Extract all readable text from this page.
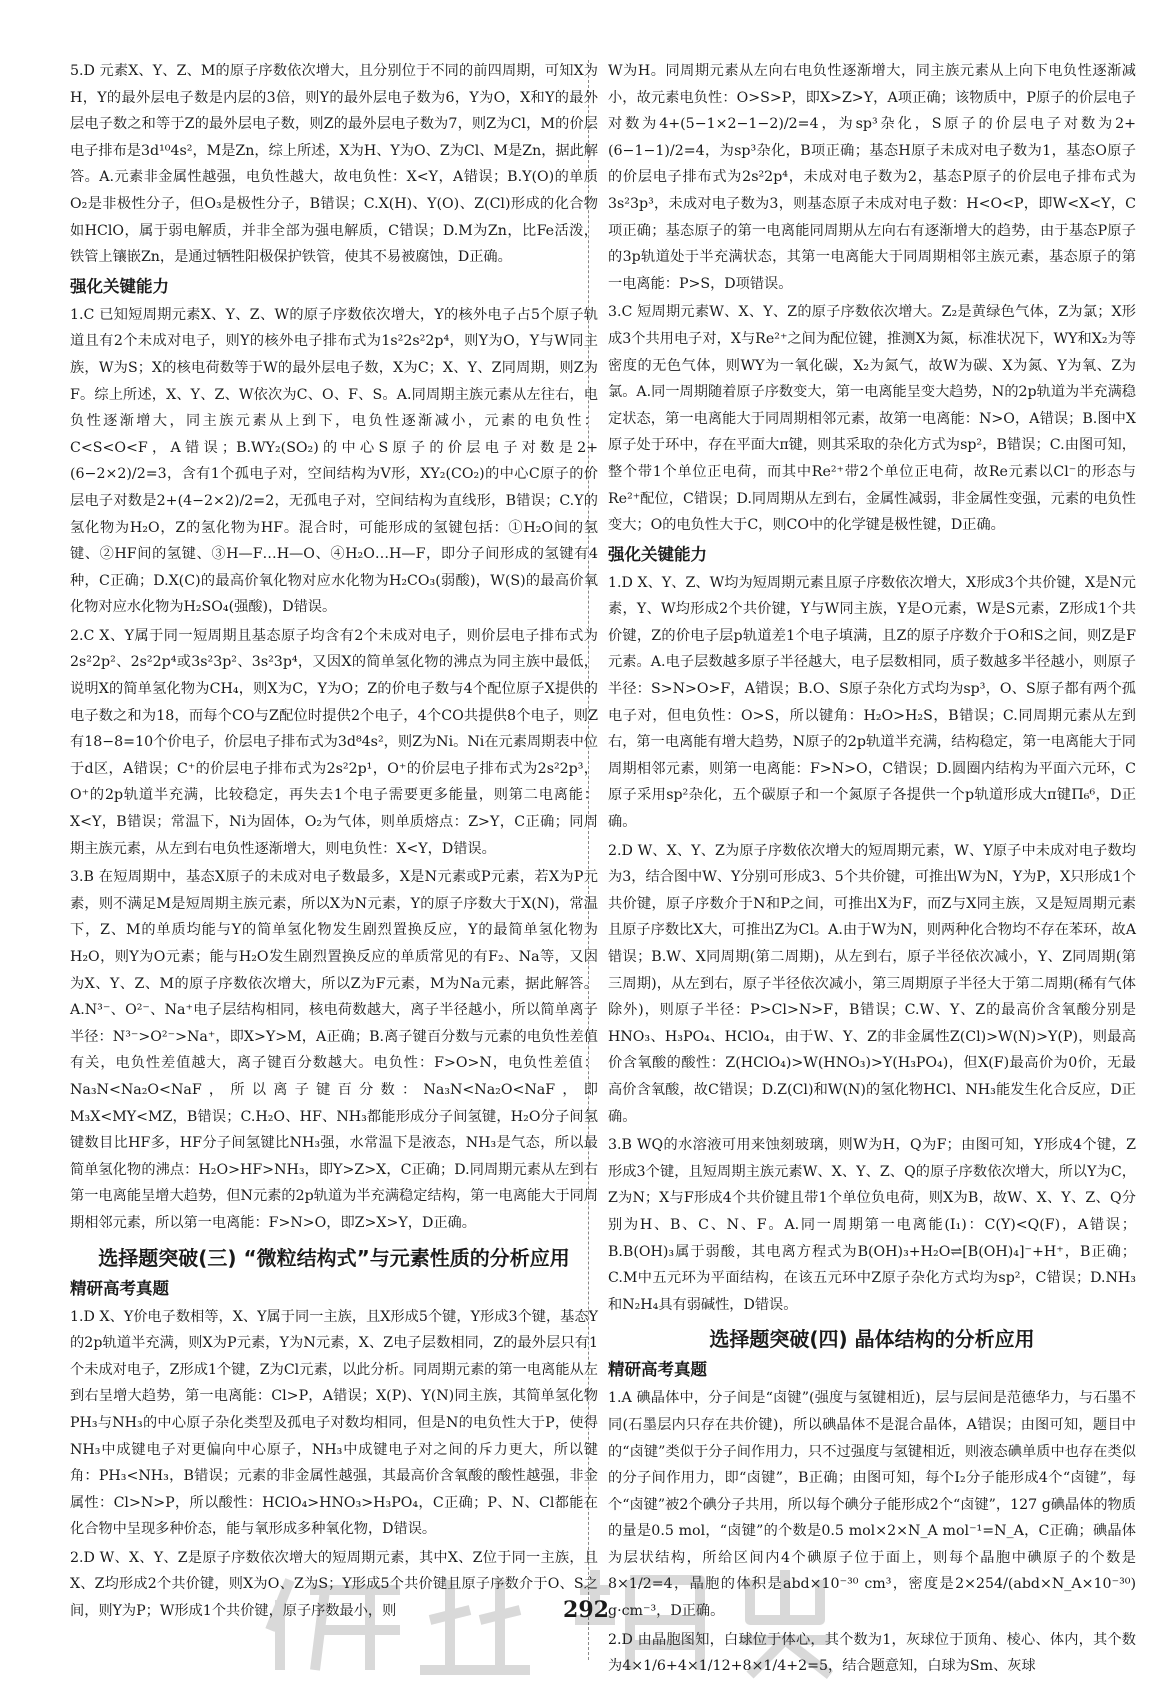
5.D 元素X、Y、Z、M的原子序数依次增大，且分别位于不同的前四周期，可知X为H，Y的最外层电子数是内层的3倍，则Y的最外层电子数为6，Y为O，X和Y的最外层电子数之和等于Z的最外层电子数，则Z的最外层电子数为7，则Z为Cl，M的价层电子排布是3d¹⁰4s²，M是Zn，综上所述，X为H、Y为O、Z为Cl、M是Zn，据此解答。A.元素非金属性越强，电负性越大，故电负性：X<Y，A错误；B.Y(O)的单质O₂是非极性分子，但O₃是极性分子，B错误；C.X(H)、Y(O)、Z(Cl)形成的化合物如HClO，属于弱电解质，并非全部为强电解质，C错误；D.M为Zn，比Fe活泼，铁管上镶嵌Zn，是通过牺牲阳极保护铁管，使其不易被腐蚀，D正确。

强化关键能力

1.C 已知短周期元素X、Y、Z、W的原子序数依次增大，Y的核外电子占5个原子轨道且有2个未成对电子，则Y的核外电子排布式为1s²2s²2p⁴，则Y为O，Y与W同主族，W为S；X的核电荷数等于W的最外层电子数，X为C；X、Y、Z同周期，则Z为F。综上所述，X、Y、Z、W依次为C、O、F、S。A.同周期主族元素从左往右，电负性逐渐增大，同主族元素从上到下，电负性逐渐减小，元素的电负性：C<S<O<F，A错误；B.WY₂(SO₂)的中心S原子的价层电子对数是2+(6−2×2)/2=3，含有1个孤电子对，空间结构为V形，XY₂(CO₂)的中心C原子的价层电子对数是2+(4−2×2)/2=2，无孤电子对，空间结构为直线形，B错误；C.Y的氢化物为H₂O，Z的氢化物为HF。混合时，可能形成的氢键包括：①H₂O间的氢键、②HF间的氢键、③H—F…H—O、④H₂O…H—F，即分子间形成的氢键有4种，C正确；D.X(C)的最高价氧化物对应水化物为H₂CO₃(弱酸)，W(S)的最高价氧化物对应水化物为H₂SO₄(强酸)，D错误。

2.C X、Y属于同一短周期且基态原子均含有2个未成对电子，则价层电子排布式为2s²2p²、2s²2p⁴或3s²3p²、3s²3p⁴，又因X的简单氢化物的沸点为同主族中最低，说明X的简单氢化物为CH₄，则X为C，Y为O；Z的价电子数与4个配位原子X提供的电子数之和为18，而每个CO与Z配位时提供2个电子，4个CO共提供8个电子，则Z有18−8=10个价电子，价层电子排布式为3d⁸4s²，则Z为Ni。Ni在元素周期表中位于d区，A错误；C⁺的价层电子排布式为2s²2p¹，O⁺的价层电子排布式为2s²2p³，O⁺的2p轨道半充满，比较稳定，再失去1个电子需要更多能量，则第二电离能：X<Y，B错误；常温下，Ni为固体，O₂为气体，则单质熔点：Z>Y，C正确；同周期主族元素，从左到右电负性逐渐增大，则电负性：X<Y，D错误。

3.B 在短周期中，基态X原子的未成对电子数最多，X是N元素或P元素，若X为P元素，则不满足M是短周期主族元素，所以X为N元素，Y的原子序数大于X(N)，常温下，Z、M的单质均能与Y的简单氢化物发生剧烈置换反应，Y的最简单氢化物为H₂O，则Y为O元素；能与H₂O发生剧烈置换反应的单质常见的有F₂、Na等，又因为X、Y、Z、M的原子序数依次增大，所以Z为F元素，M为Na元素，据此解答。A.N³⁻、O²⁻、Na⁺电子层结构相同，核电荷数越大，离子半径越小，所以简单离子半径：N³⁻>O²⁻>Na⁺，即X>Y>M，A正确；B.离子键百分数与元素的电负性差值有关，电负性差值越大，离子键百分数越大。电负性：F>O>N，电负性差值：Na₃N<Na₂O<NaF，所以离子键百分数：Na₃N<Na₂O<NaF，即M₃X<MY<MZ，B错误；C.H₂O、HF、NH₃都能形成分子间氢键，H₂O分子间氢键数目比HF多，HF分子间氢键比NH₃强，水常温下是液态，NH₃是气态，所以最简单氢化物的沸点：H₂O>HF>NH₃，即Y>Z>X，C正确；D.同周期元素从左到右第一电离能呈增大趋势，但N元素的2p轨道为半充满稳定结构，第一电离能大于同周期相邻元素，所以第一电离能：F>N>O，即Z>X>Y，D正确。

选择题突破(三) “微粒结构式”与元素性质的分析应用
精研高考真题

1.D X、Y价电子数相等，X、Y属于同一主族，且X形成5个键，Y形成3个键，基态Y的2p轨道半充满，则X为P元素，Y为N元素，X、Z电子层数相同，Z的最外层只有1个未成对电子，Z形成1个键，Z为Cl元素，以此分析。同周期元素的第一电离能从左到右呈增大趋势，第一电离能：Cl>P，A错误；X(P)、Y(N)同主族，其简单氢化物PH₃与NH₃的中心原子杂化类型及孤电子对数均相同，但是N的电负性大于P，使得NH₃中成键电子对更偏向中心原子，NH₃中成键电子对之间的斥力更大，所以键角：PH₃<NH₃，B错误；元素的非金属性越强，其最高价含氧酸的酸性越强，非金属性：Cl>N>P，所以酸性：HClO₄>HNO₃>H₃PO₄，C正确；P、N、Cl都能在化合物中呈现多种价态，能与氧形成多种氧化物，D错误。

2.D W、X、Y、Z是原子序数依次增大的短周期元素，其中X、Z位于同一主族，且X、Z均形成2个共价键，则X为O、Z为S；Y形成5个共价键且原子序数介于O、S之间，则Y为P；W形成1个共价键，原子序数最小，则

W为H。同周期元素从左向右电负性逐渐增大，同主族元素从上向下电负性逐渐减小，故元素电负性：O>S>P，即X>Z>Y，A项正确；该物质中，P原子的价层电子对数为4+(5−1×2−1−2)/2=4，为sp³杂化，S原子的价层电子对数为2+(6−1−1)/2=4，为sp³杂化，B项正确；基态H原子未成对电子数为1，基态O原子的价层电子排布式为2s²2p⁴，未成对电子数为2，基态P原子的价层电子排布式为3s²3p³，未成对电子数为3，则基态原子未成对电子数：H<O<P，即W<X<Y，C项正确；基态原子的第一电离能同周期从左向右有逐渐增大的趋势，由于基态P原子的3p轨道处于半充满状态，其第一电离能大于同周期相邻主族元素，基态原子的第一电离能：P>S，D项错误。

3.C 短周期元素W、X、Y、Z的原子序数依次增大。Z₂是黄绿色气体，Z为氯；X形成3个共用电子对，X与Re²⁺之间为配位键，推测X为氮，标准状况下，WY和X₂为等密度的无色气体，则WY为一氧化碳，X₂为氮气，故W为碳、X为氮、Y为氧、Z为氯。A.同一周期随着原子序数变大，第一电离能呈变大趋势，N的2p轨道为半充满稳定状态，第一电离能大于同周期相邻元素，故第一电离能：N>O，A错误；B.图中X原子处于环中，存在平面大π键，则其采取的杂化方式为sp²，B错误；C.由图可知，整个带1个单位正电荷，而其中Re²⁺带2个单位正电荷，故Re元素以Cl⁻的形态与Re²⁺配位，C错误；D.同周期从左到右，金属性减弱，非金属性变强，元素的电负性变大；O的电负性大于C，则CO中的化学键是极性键，D正确。

强化关键能力

1.D X、Y、Z、W均为短周期元素且原子序数依次增大，X形成3个共价键，X是N元素，Y、W均形成2个共价键，Y与W同主族，Y是O元素，W是S元素，Z形成1个共价键，Z的价电子层p轨道差1个电子填满，且Z的原子序数介于O和S之间，则Z是F元素。A.电子层数越多原子半径越大，电子层数相同，质子数越多半径越小，则原子半径：S>N>O>F，A错误；B.O、S原子杂化方式均为sp³，O、S原子都有两个孤电子对，但电负性：O>S，所以键角：H₂O>H₂S，B错误；C.同周期元素从左到右，第一电离能有增大趋势，N原子的2p轨道半充满，结构稳定，第一电离能大于同周期相邻元素，则第一电离能：F>N>O，C错误；D.圆圈内结构为平面六元环，C原子采用sp²杂化，五个碳原子和一个氮原子各提供一个p轨道形成大π键Π₆⁶，D正确。

2.D W、X、Y、Z为原子序数依次增大的短周期元素，W、Y原子中未成对电子数均为3，结合图中W、Y分别可形成3、5个共价键，可推出W为N，Y为P，X只形成1个共价键，原子序数介于N和P之间，可推出X为F，而Z与X同主族，又是短周期元素且原子序数比X大，可推出Z为Cl。A.由于W为N，则两种化合物均不存在苯环，故A错误；B.W、X同周期(第二周期)，从左到右，原子半径依次减小，Y、Z同周期(第三周期)，从左到右，原子半径依次减小，第三周期原子半径大于第二周期(稀有气体除外)，则原子半径：P>Cl>N>F，B错误；C.W、Y、Z的最高价含氧酸分别是HNO₃、H₃PO₄、HClO₄，由于W、Y、Z的非金属性Z(Cl)>W(N)>Y(P)，则最高价含氧酸的酸性：Z(HClO₄)>W(HNO₃)>Y(H₃PO₄)，但X(F)最高价为0价，无最高价含氧酸，故C错误；D.Z(Cl)和W(N)的氢化物HCl、NH₃能发生化合反应，D正确。

3.B WQ的水溶液可用来蚀刻玻璃，则W为H，Q为F；由图可知，Y形成4个键，Z形成3个键，且短周期主族元素W、X、Y、Z、Q的原子序数依次增大，所以Y为C，Z为N；X与F形成4个共价键且带1个单位负电荷，则X为B，故W、X、Y、Z、Q分别为H、B、C、N、F。A.同一周期第一电离能(I₁)：C(Y)<Q(F)，A错误；B.B(OH)₃属于弱酸，其电离方程式为B(OH)₃+H₂O⇌[B(OH)₄]⁻+H⁺，B正确；C.M中五元环为平面结构，在该五元环中Z原子杂化方式均为sp²，C错误；D.NH₃和N₂H₄具有弱碱性，D错误。

选择题突破(四) 晶体结构的分析应用
精研高考真题

1.A 碘晶体中，分子间是“卤键”(强度与氢键相近)，层与层间是范德华力，与石墨不同(石墨层内只存在共价键)，所以碘晶体不是混合晶体，A错误；由图可知，题目中的“卤键”类似于分子间作用力，只不过强度与氢键相近，则液态碘单质中也存在类似的分子间作用力，即“卤键”，B正确；由图可知，每个I₂分子能形成4个“卤键”，每个“卤键”被2个碘分子共用，所以每个碘分子能形成2个“卤键”，127 g碘晶体的物质的量是0.5 mol，“卤键”的个数是0.5 mol×2×N_A mol⁻¹=N_A，C正确；碘晶体为层状结构，所给区间内4个碘原子位于面上，则每个晶胞中碘原子的个数是8×1/2=4，晶胞的体积是abd×10⁻³⁰ cm³，密度是2×254/(abd×N_A×10⁻³⁰) g·cm⁻³，D正确。

2.D 由晶胞图知，白球位于体心，其个数为1，灰球位于顶角、棱心、体内，其个数为4×1/6+4×1/12+8×1/4+2=5，结合题意知，白球为Sm、灰球

292
